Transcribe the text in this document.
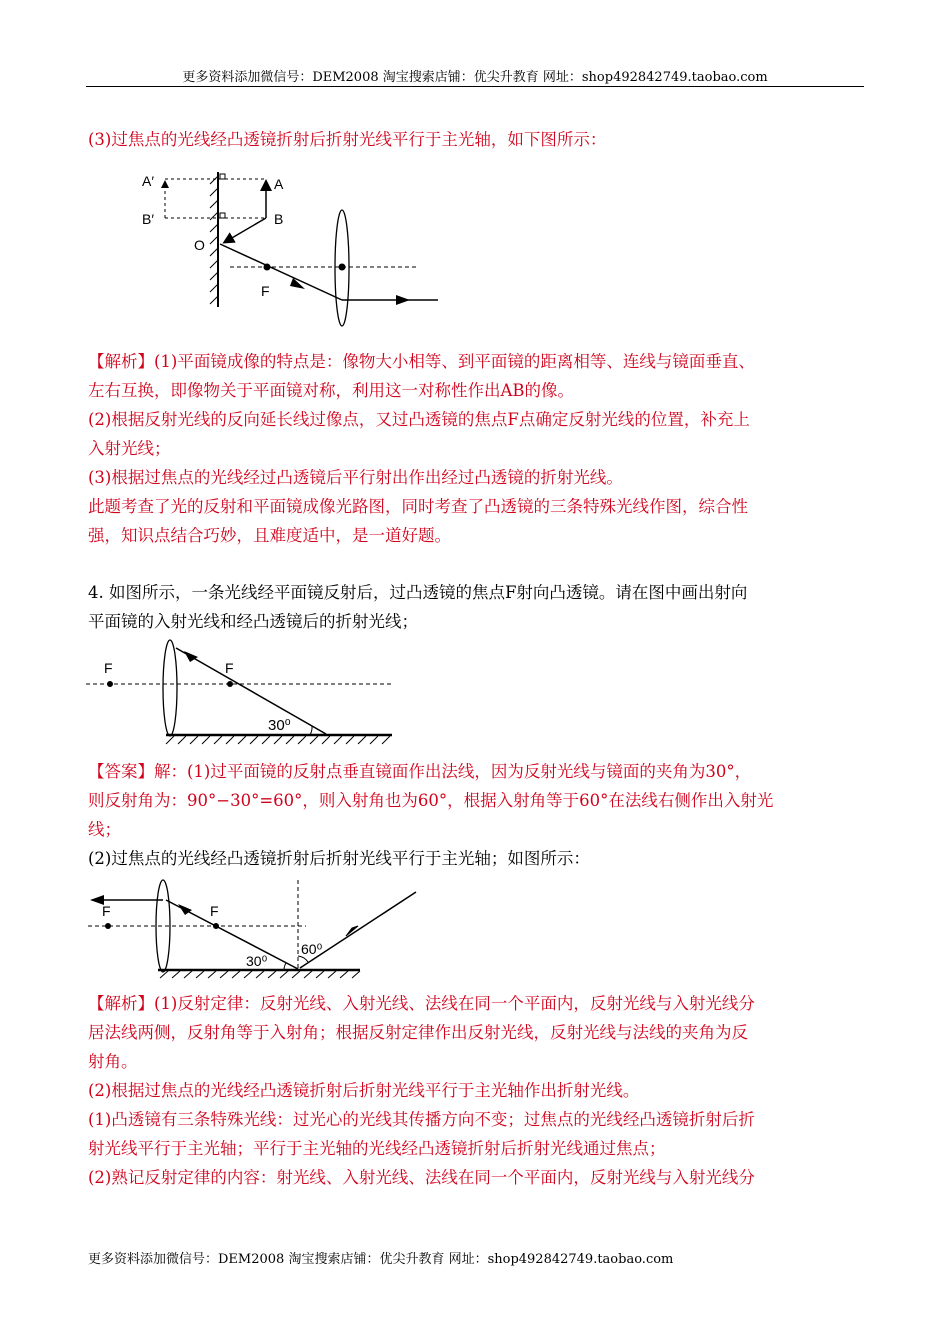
更多资料添加微信号：DEM2008 淘宝搜索店铺：优尖升教育 网址：shop492842749.taobao.com
(3)过焦点的光线经凸透镜折射后折射光线平行于主光轴，如下图所示：
A′
B′
A
B
O
F
【解析】(1)平面镜成像的特点是：像物大小相等、到平面镜的距离相等、连线与镜面垂直、
左右互换，即像物关于平面镜对称，利用这一对称性作出AB的像。
(2)根据反射光线的反向延长线过像点，又过凸透镜的焦点F点确定反射光线的位置，补充上
入射光线；
(3)根据过焦点的光线经过凸透镜后平行射出作出经过凸透镜的折射光线。
此题考查了光的反射和平面镜成像光路图，同时考查了凸透镜的三条特殊光线作图，综合性
强，知识点结合巧妙，且难度适中，是一道好题。
4. 如图所示，一条光线经平面镜反射后，过凸透镜的焦点F射向凸透镜。请在图中画出射向
平面镜的入射光线和经凸透镜后的折射光线；
F	F
30⁰
【答案】解：(1)过平面镜的反射点垂直镜面作出法线，因为反射光线与镜面的夹角为30°，
则反射角为：90°−30°=60°，则入射角也为60°，根据入射角等于60°在法线右侧作出入射光
线；
(2)过焦点的光线经凸透镜折射后折射光线平行于主光轴；如图所示：
F	F
30⁰
60⁰
【解析】(1)反射定律：反射光线、入射光线、法线在同一个平面内，反射光线与入射光线分
居法线两侧，反射角等于入射角；根据反射定律作出反射光线，反射光线与法线的夹角为反
射角。
(2)根据过焦点的光线经凸透镜折射后折射光线平行于主光轴作出折射光线。
(1)凸透镜有三条特殊光线：过光心的光线其传播方向不变；过焦点的光线经凸透镜折射后折
射光线平行于主光轴；平行于主光轴的光线经凸透镜折射后折射光线通过焦点；
(2)熟记反射定律的内容：射光线、入射光线、法线在同一个平面内，反射光线与入射光线分
更多资料添加微信号：DEM2008 淘宝搜索店铺：优尖升教育 网址：shop492842749.taobao.com
